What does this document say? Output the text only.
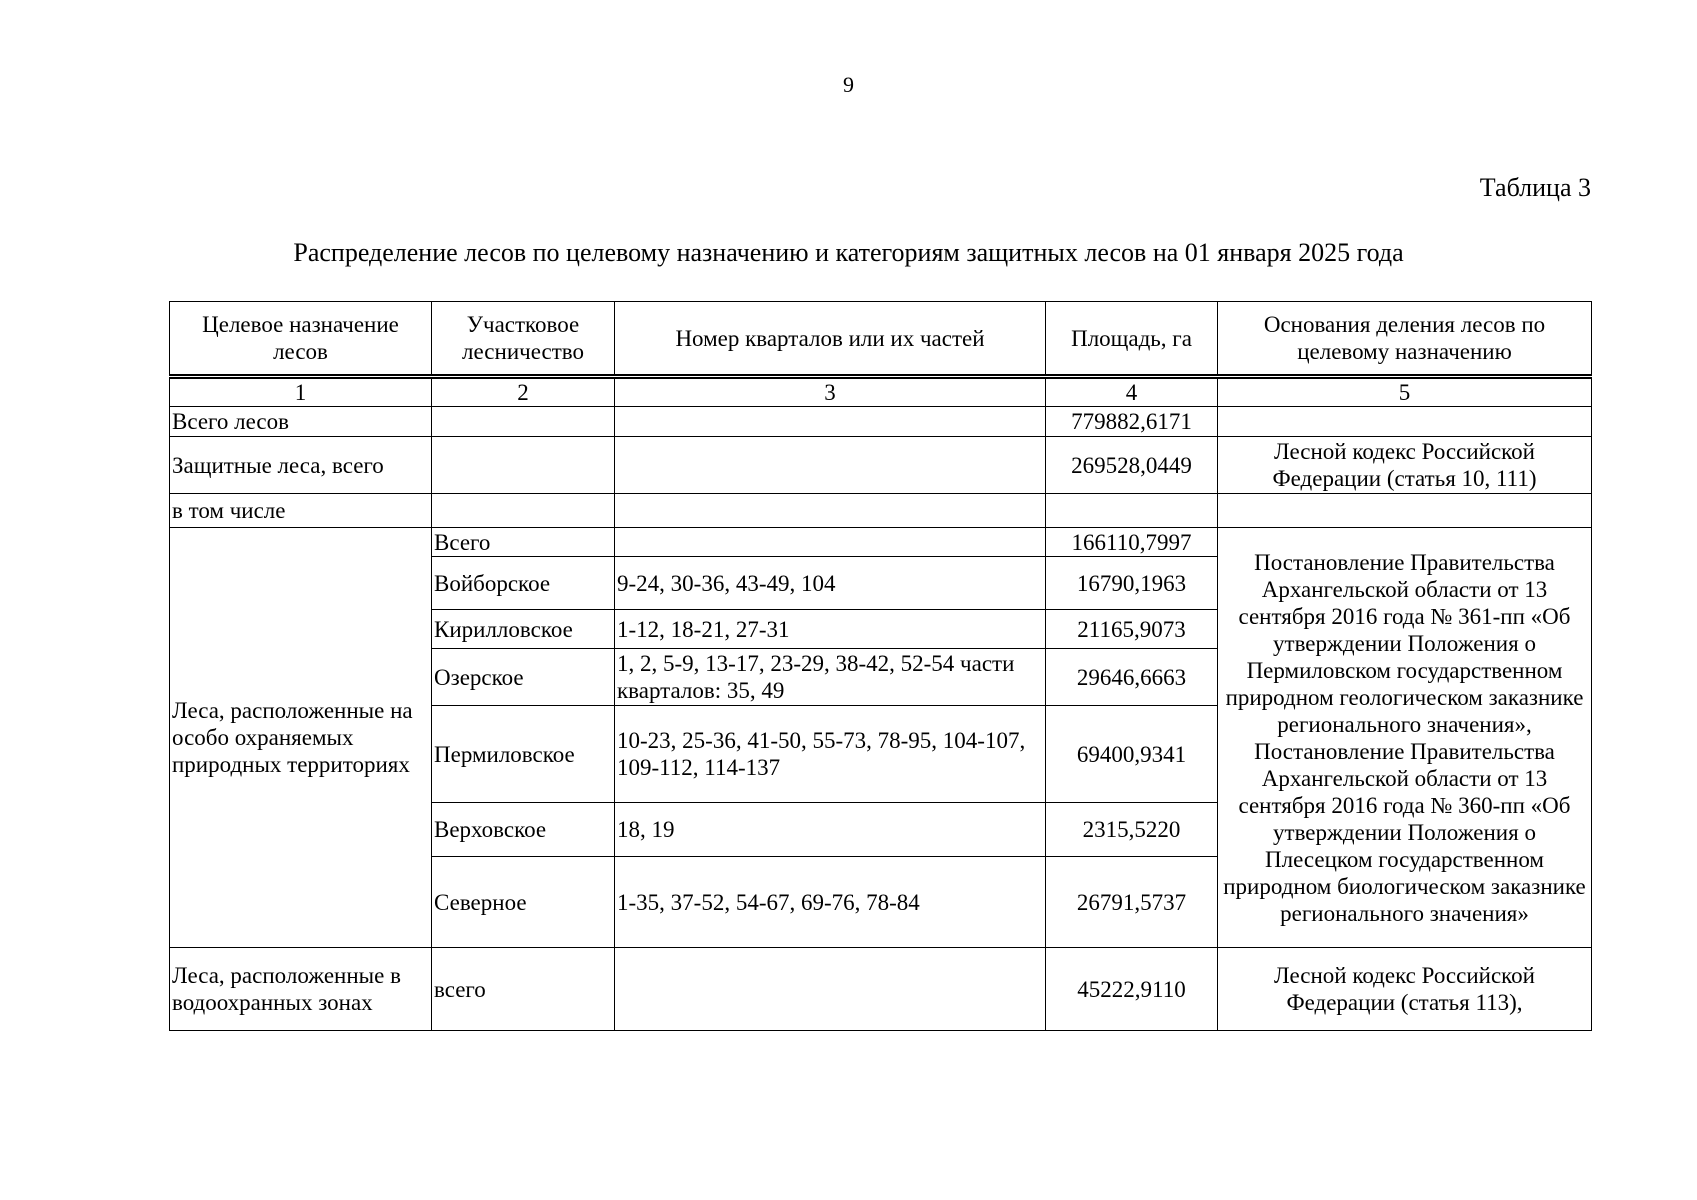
9
Таблица 3
Распределение лесов по целевому назначению и категориям защитных лесов на 01 января 2025 года
Целевое назначение лесов	Участковое лесничество	Номер кварталов или их частей	Площадь, га	Основания деления лесов по целевому назначению
1	2	3	4	5
Всего лесов			779882,6171	
Защитные леса, всего			269528,0449	Лесной кодекс Российской Федерации (статья 10, 111)
в том числе				
Леса, расположенные на особо охраняемых природных территориях	Всего		166110,7997	Постановление Правительства Архангельской области от 13 сентября 2016 года № 361-пп «Об утверждении Положения о Пермиловском государственном природном геологическом заказнике регионального значения», Постановление Правительства Архангельской области от 13 сентября 2016 года № 360-пп «Об утверждении Положения о Плесецком государственном природном биологическом заказнике регионального значения»
	Войборское	9-24, 30-36, 43-49, 104	16790,1963	
	Кирилловское	1-12, 18-21, 27-31	21165,9073	
	Озерское	1, 2, 5-9, 13-17, 23-29, 38-42, 52-54 части кварталов: 35, 49	29646,6663	
	Пермиловское	10-23, 25-36, 41-50, 55-73, 78-95, 104-107, 109-112, 114-137	69400,9341	
	Верховское	18, 19	2315,5220	
	Северное	1-35, 37-52, 54-67, 69-76, 78-84	26791,5737	
Леса, расположенные в водоохранных зонах	всего		45222,9110	Лесной кодекс Российской Федерации (статья 113),
